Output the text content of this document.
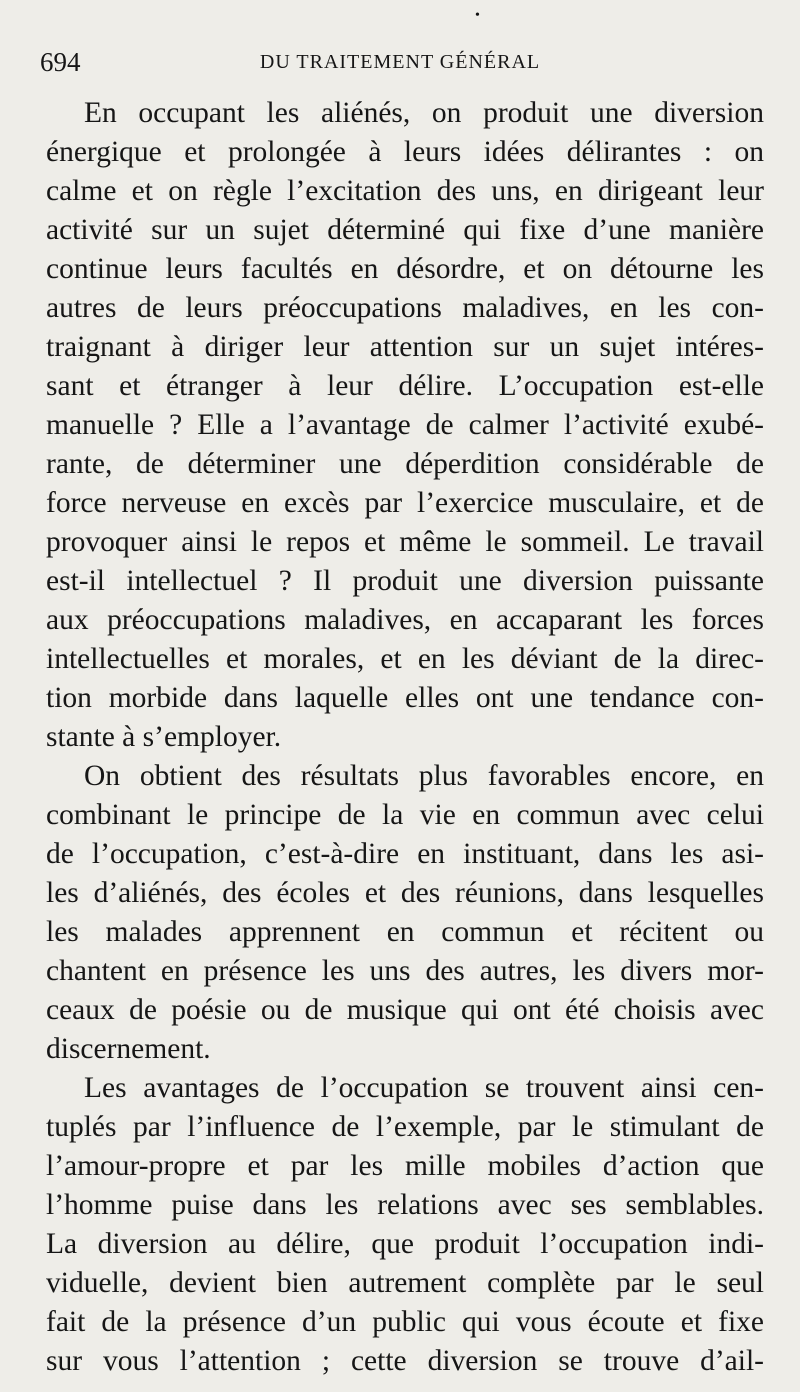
•
694	DU TRAITEMENT GÉNÉRAL
En occupant les aliénés, on produit une diversion
énergique et prolongée à leurs idées délirantes : on
calme et on règle l’excitation des uns, en dirigeant leur
activité sur un sujet déterminé qui fixe d’une manière
continue leurs facultés en désordre, et on détourne les
autres de leurs préoccupations maladives, en les con-
traignant à diriger leur attention sur un sujet intéres-
sant et étranger à leur délire. L’occupation est-elle
manuelle ? Elle a l’avantage de calmer l’activité exubé-
rante, de déterminer une déperdition considérable de
force nerveuse en excès par l’exercice musculaire, et de
provoquer ainsi le repos et même le sommeil. Le travail
est-il intellectuel ? Il produit une diversion puissante
aux préoccupations maladives, en accaparant les forces
intellectuelles et morales, et en les déviant de la direc-
tion morbide dans laquelle elles ont une tendance con-
stante à s’employer.
On obtient des résultats plus favorables encore, en
combinant le principe de la vie en commun avec celui
de l’occupation, c’est-à-dire en instituant, dans les asi-
les d’aliénés, des écoles et des réunions, dans lesquelles
les malades apprennent en commun et récitent ou
chantent en présence les uns des autres, les divers mor-
ceaux de poésie ou de musique qui ont été choisis avec
discernement.
Les avantages de l’occupation se trouvent ainsi cen-
tuplés par l’influence de l’exemple, par le stimulant de
l’amour-propre et par les mille mobiles d’action que
l’homme puise dans les relations avec ses semblables.
La diversion au délire, que produit l’occupation indi-
viduelle, devient bien autrement complète par le seul
fait de la présence d’un public qui vous écoute et fixe
sur vous l’attention ; cette diversion se trouve d’ail-
